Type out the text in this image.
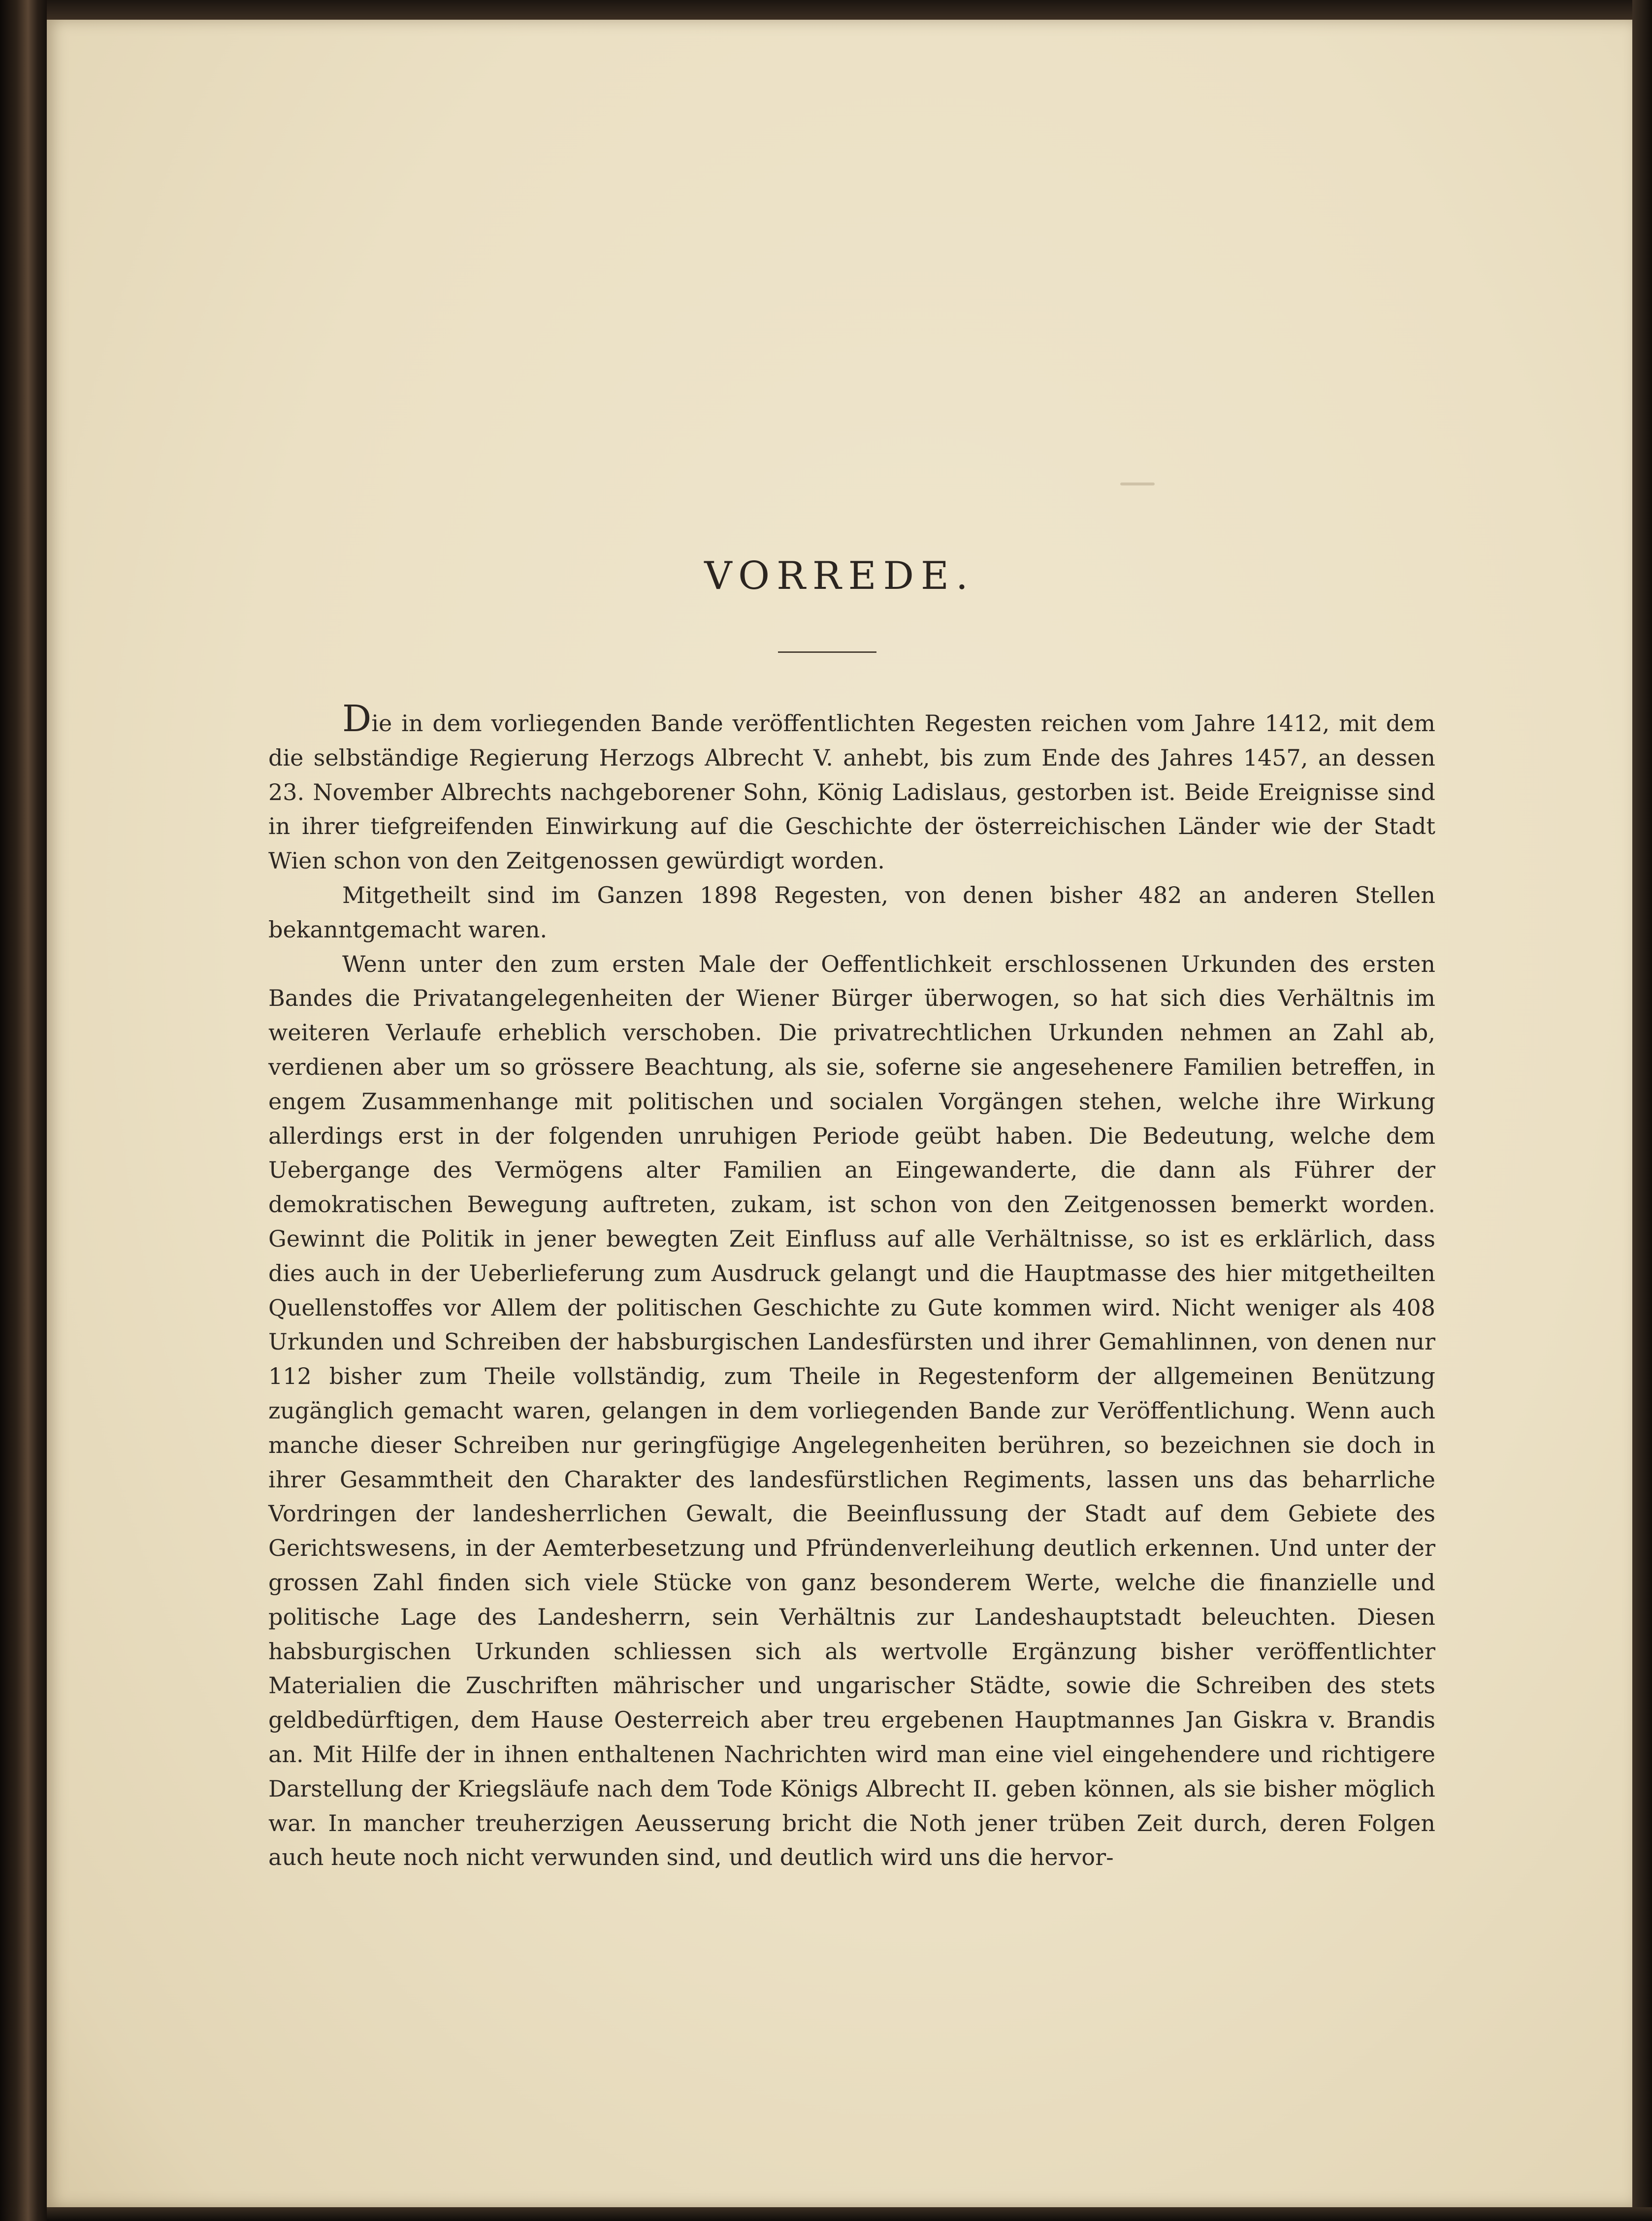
VORREDE.

Die in dem vorliegenden Bande veröffentlichten Regesten reichen vom Jahre 1412, mit dem die selbständige Regierung Herzogs Albrecht V. anhebt, bis zum Ende des Jahres 1457, an dessen 23. November Albrechts nachgeborener Sohn, König Ladislaus, gestorben ist. Beide Ereignisse sind in ihrer tiefgreifenden Einwirkung auf die Geschichte der österreichischen Länder wie der Stadt Wien schon von den Zeitgenossen gewürdigt worden.

Mitgetheilt sind im Ganzen 1898 Regesten, von denen bisher 482 an anderen Stellen bekanntgemacht waren.

Wenn unter den zum ersten Male der Oeffentlichkeit erschlossenen Urkunden des ersten Bandes die Privatangelegenheiten der Wiener Bürger überwogen, so hat sich dies Verhältnis im weiteren Verlaufe erheblich verschoben. Die privatrechtlichen Urkunden nehmen an Zahl ab, verdienen aber um so grössere Beachtung, als sie, soferne sie angesehenere Familien betreffen, in engem Zusammenhange mit politischen und socialen Vorgängen stehen, welche ihre Wirkung allerdings erst in der folgenden unruhigen Periode geübt haben. Die Bedeutung, welche dem Uebergange des Vermögens alter Familien an Eingewanderte, die dann als Führer der demokratischen Bewegung auftreten, zukam, ist schon von den Zeitgenossen bemerkt worden. Gewinnt die Politik in jener bewegten Zeit Einfluss auf alle Verhältnisse, so ist es erklärlich, dass dies auch in der Ueberlieferung zum Ausdruck gelangt und die Hauptmasse des hier mitgetheilten Quellenstoffes vor Allem der politischen Geschichte zu Gute kommen wird. Nicht weniger als 408 Urkunden und Schreiben der habsburgischen Landesfürsten und ihrer Gemahlinnen, von denen nur 112 bisher zum Theile vollständig, zum Theile in Regestenform der allgemeinen Benützung zugänglich gemacht waren, gelangen in dem vorliegenden Bande zur Veröffentlichung. Wenn auch manche dieser Schreiben nur geringfügige Angelegenheiten berühren, so bezeichnen sie doch in ihrer Gesammtheit den Charakter des landesfürstlichen Regiments, lassen uns das beharrliche Vordringen der landesherrlichen Gewalt, die Beeinflussung der Stadt auf dem Gebiete des Gerichtswesens, in der Aemterbesetzung und Pfründenverleihung deutlich erkennen. Und unter der grossen Zahl finden sich viele Stücke von ganz besonderem Werte, welche die finanzielle und politische Lage des Landesherrn, sein Verhältnis zur Landeshauptstadt beleuchten. Diesen habsburgischen Urkunden schliessen sich als wertvolle Ergänzung bisher veröffentlichter Materialien die Zuschriften mährischer und ungarischer Städte, sowie die Schreiben des stets geldbedürftigen, dem Hause Oesterreich aber treu ergebenen Hauptmannes Jan Giskra v. Brandis an. Mit Hilfe der in ihnen enthaltenen Nachrichten wird man eine viel eingehendere und richtigere Darstellung der Kriegsläufe nach dem Tode Königs Albrecht II. geben können, als sie bisher möglich war. In mancher treuherzigen Aeusserung bricht die Noth jener trüben Zeit durch, deren Folgen auch heute noch nicht verwunden sind, und deutlich wird uns die hervor-
